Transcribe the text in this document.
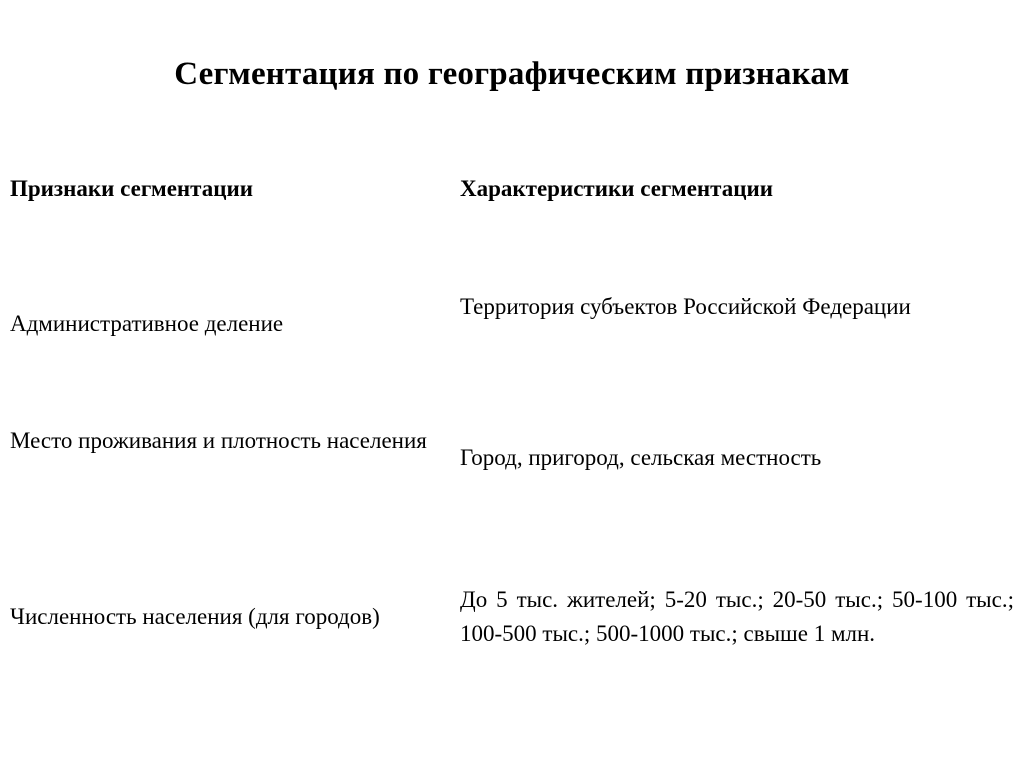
Сегментация по географическим признакам
Признаки сегментации	Характеристики сегментации
Административное деление
Территория субъектов Российской Федерации
Место проживания и плотность населения
Город, пригород, сельская местность
Численность населения (для городов)
До 5 тыс. жителей; 5-20 тыс.; 20-50 тыс.; 50-100 тыс.; 100-500 тыс.; 500-1000 тыс.; свыше 1 млн.
